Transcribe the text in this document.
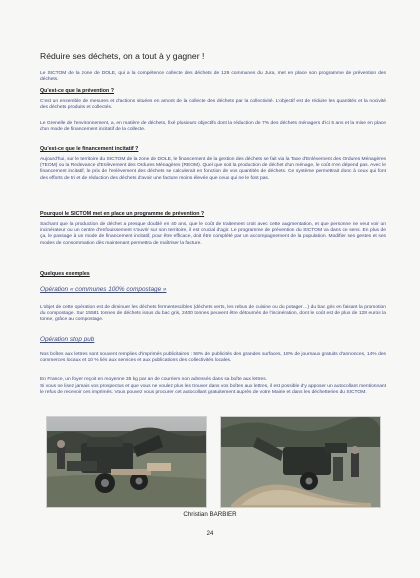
Réduire ses déchets, on a tout à y gagner !
Le SICTOM de la zone de DOLE, qui a la compétence collecte des déchets de 129 communes du Jura, met en place son programme de prévention des déchets.
Qu'est-ce que la prévention ?
C'est un ensemble de mesures et d'actions situées en amont de la collecte des déchets par la collectivité. L'objectif est de réduire les quantités et la nocivité des déchets produits et collectés.
Le Grenelle de l'environnement, a, en matière de déchets, fixé plusieurs objectifs dont la réduction de 7% des déchets ménagers d'ici 5 ans et la mise en place d'un mode de financement incitatif de la collecte.
Qu'est-ce que le financement incitatif ?
Aujourd'hui, sur le territoire du SICTOM de la zone de DOLE, le financement de la gestion des déchets se fait via la Taxe d'Enlèvement des Ordures Ménagères (TEOM) ou la Redevance d'Enlèvement des Ordures Ménagères (REOM). Quel que soit la production de déchet d'un ménage, le coût n'en dépend pas. Avec le financement incitatif, le prix de l'enlèvement des déchets se calculerait en fonction de vos quantités de déchets. Ce système permettrait donc à ceux qui font des efforts de tri et de réduction des déchets d'avoir une facture moins élevée que ceux qui ne le font pas.
Pourquoi le SICTOM met en place un programme de prévention ?
Sachant que la production de déchet a presque doublé en 40 ans, que le coût de traitement croit avec cette augmentation, et que personne ne veut voir un incinérateur ou un centre d'enfouissement s'ouvrir sur son territoire, il est crucial d'agir. Le programme de prévention du SICTOM va dans ce sens. En plus de ça, le passage à un mode de financement incitatif, pour être efficace, doit être complété par un accompagnement de la population. Modifier ses gestes et ses modes de consommation dès maintenant permettra de maîtriser la facture.
Quelques exemples
Opération « communes 100% compostage »
L'objet de cette opération est de diminuer les déchets fermentescibles (déchets verts, les rebus de cuisine ou du potager…) du bac gris en faisant la promotion du compostage. Sur 15581 tonnes de déchets issus du bac gris, 2400 tonnes peuvent être détournés de l'incinération, dont le coût est de plus de 128 euros la tonne, grâce au compostage.
Opération stop pub
Nos boîtes aux lettres sont souvent remplies d'imprimés publicitaires : 58% de publicités des grandes surfaces, 18% de journaux gratuits d'annonces, 14% des commerces locaux et 10 % liés aux services et aux publications des collectivités locales.
En France, un foyer reçoit en moyenne 35 kg par an de courriers non adressés dans sa boîte aux lettres.
Si vous ne lisez jamais vos prospectus et que vous ne voulez plus les trouver dans vos boîtes aux lettres, il est possible d'y apposer un autocollant mentionnant le refus de recevoir ces imprimés. Vous pouvez vous procurer cet autocollant gratuitement auprès de votre Mairie et dans les déchetteries du SICTOM.
Christian BARBIER
24
